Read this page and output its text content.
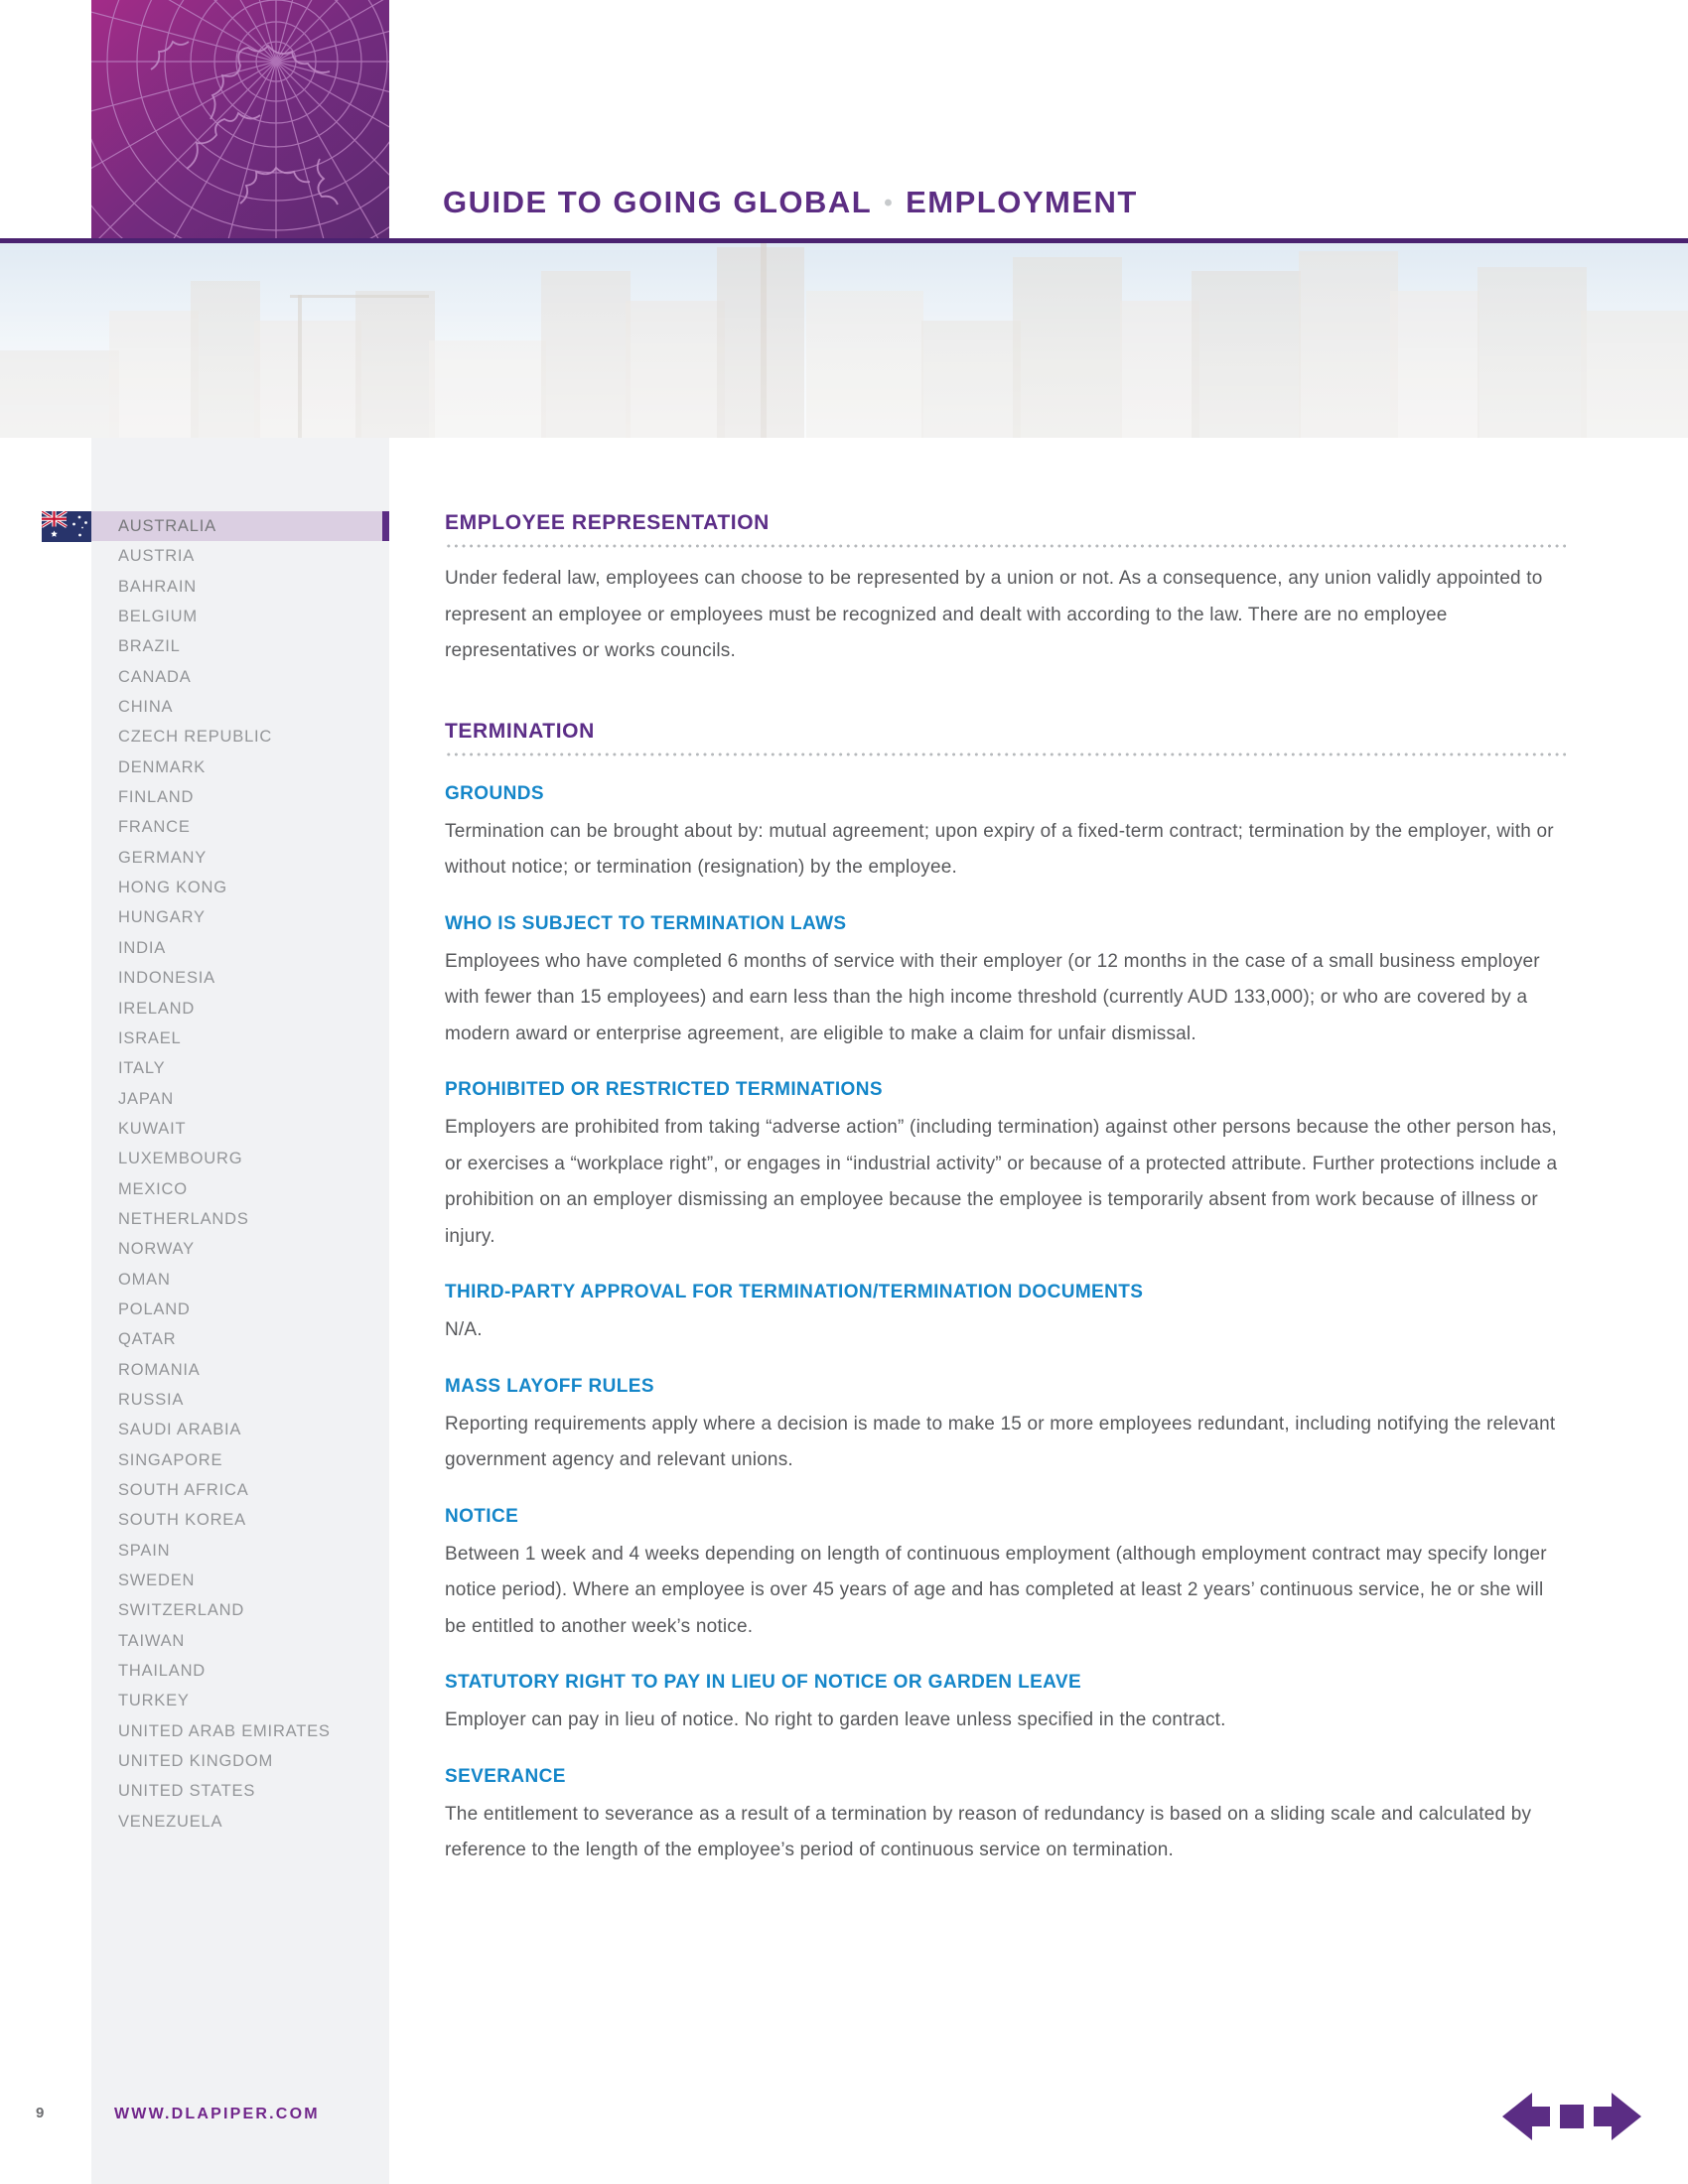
GUIDE TO GOING GLOBAL • EMPLOYMENT
AUSTRALIA
AUSTRIA
BAHRAIN
BELGIUM
BRAZIL
CANADA
CHINA
CZECH REPUBLIC
DENMARK
FINLAND
FRANCE
GERMANY
HONG KONG
HUNGARY
INDIA
INDONESIA
IRELAND
ISRAEL
ITALY
JAPAN
KUWAIT
LUXEMBOURG
MEXICO
NETHERLANDS
NORWAY
OMAN
POLAND
QATAR
ROMANIA
RUSSIA
SAUDI ARABIA
SINGAPORE
SOUTH AFRICA
SOUTH KOREA
SPAIN
SWEDEN
SWITZERLAND
TAIWAN
THAILAND
TURKEY
UNITED ARAB EMIRATES
UNITED KINGDOM
UNITED STATES
VENEZUELA
EMPLOYEE REPRESENTATION

Under federal law, employees can choose to be represented by a union or not. As a consequence, any union validly appointed to represent an employee or employees must be recognized and dealt with according to the law. There are no employee representatives or works councils.

TERMINATION
GROUNDS

Termination can be brought about by: mutual agreement; upon expiry of a fixed-term contract; termination by the employer, with or without notice; or termination (resignation) by the employee.

WHO IS SUBJECT TO TERMINATION LAWS

Employees who have completed 6 months of service with their employer (or 12 months in the case of a small business employer with fewer than 15 employees) and earn less than the high income threshold (currently AUD 133,000); or who are covered by a modern award or enterprise agreement, are eligible to make a claim for unfair dismissal.

PROHIBITED OR RESTRICTED TERMINATIONS

Employers are prohibited from taking “adverse action” (including termination) against other persons because the other person has, or exercises a “workplace right”, or engages in “industrial activity” or because of a protected attribute. Further protections include a prohibition on an employer dismissing an employee because the employee is temporarily absent from work because of illness or injury.

THIRD-PARTY APPROVAL FOR TERMINATION/TERMINATION DOCUMENTS

N/A.

MASS LAYOFF RULES

Reporting requirements apply where a decision is made to make 15 or more employees redundant, including notifying the relevant government agency and relevant unions.

NOTICE

Between 1 week and 4 weeks depending on length of continuous employment (although employment contract may specify longer notice period). Where an employee is over 45 years of age and has completed at least 2 years’ continuous service, he or she will be entitled to another week’s notice.

STATUTORY RIGHT TO PAY IN LIEU OF NOTICE OR GARDEN LEAVE

Employer can pay in lieu of notice. No right to garden leave unless specified in the contract.

SEVERANCE

The entitlement to severance as a result of a termination by reason of redundancy is based on a sliding scale and calculated by reference to the length of the employee’s period of continuous service on termination.

9	WWW.DLAPIPER.COM
